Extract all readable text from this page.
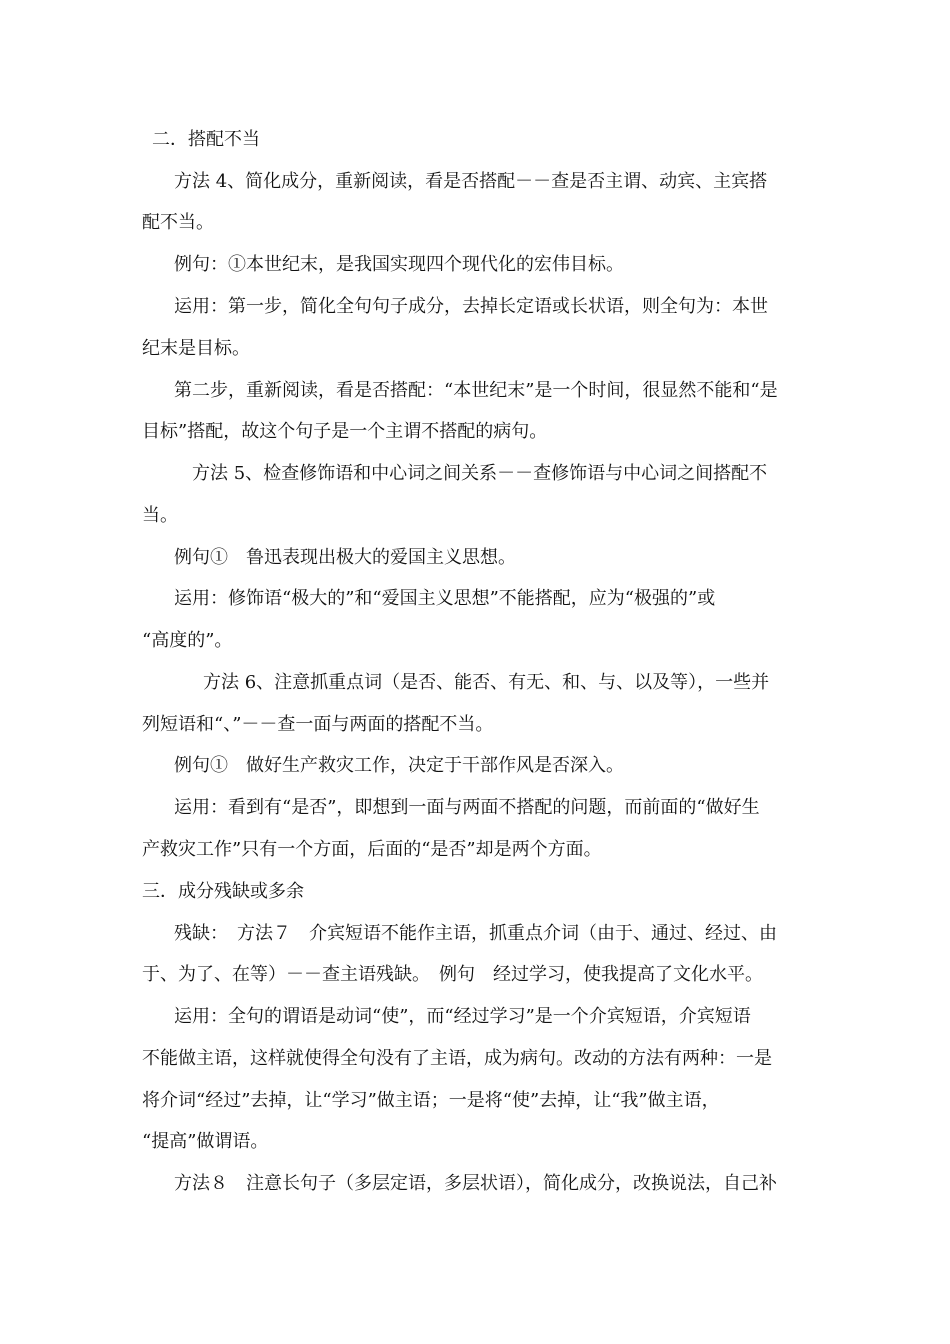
二．搭配不当
方法 4、简化成分，重新阅读，看是否搭配－－查是否主谓、动宾、主宾搭
配不当。
例句：①本世纪末，是我国实现四个现代化的宏伟目标。
运用：第一步，简化全句句子成分，去掉长定语或长状语，则全句为：本世
纪末是目标。
第二步，重新阅读，看是否搭配：“本世纪末”是一个时间，很显然不能和“是
目标”搭配，故这个句子是一个主谓不搭配的病句。
方法 5、检查修饰语和中心词之间关系－－查修饰语与中心词之间搭配不
当。
例句①　鲁迅表现出极大的爱国主义思想。
运用：修饰语“极大的”和“爱国主义思想”不能搭配，应为“极强的”或
“高度的”。
方法 6、注意抓重点词（是否、能否、有无、和、与、以及等），一些并
列短语和“、”－－查一面与两面的搭配不当。
例句①　做好生产救灾工作，决定于干部作风是否深入。
运用：看到有“是否”，即想到一面与两面不搭配的问题，而前面的“做好生
产救灾工作”只有一个方面，后面的“是否”却是两个方面。
三．成分残缺或多余
残缺：　方法７　介宾短语不能作主语，抓重点介词（由于、通过、经过、由
于、为了、在等）－－查主语残缺。　例句　经过学习，使我提高了文化水平。
运用：全句的谓语是动词“使”，而“经过学习”是一个介宾短语，介宾短语
不能做主语，这样就使得全句没有了主语，成为病句。改动的方法有两种：一是
将介词“经过”去掉，让“学习”做主语；一是将“使”去掉，让“我”做主语，
“提高”做谓语。
方法８　注意长句子（多层定语，多层状语），简化成分，改换说法，自己补
